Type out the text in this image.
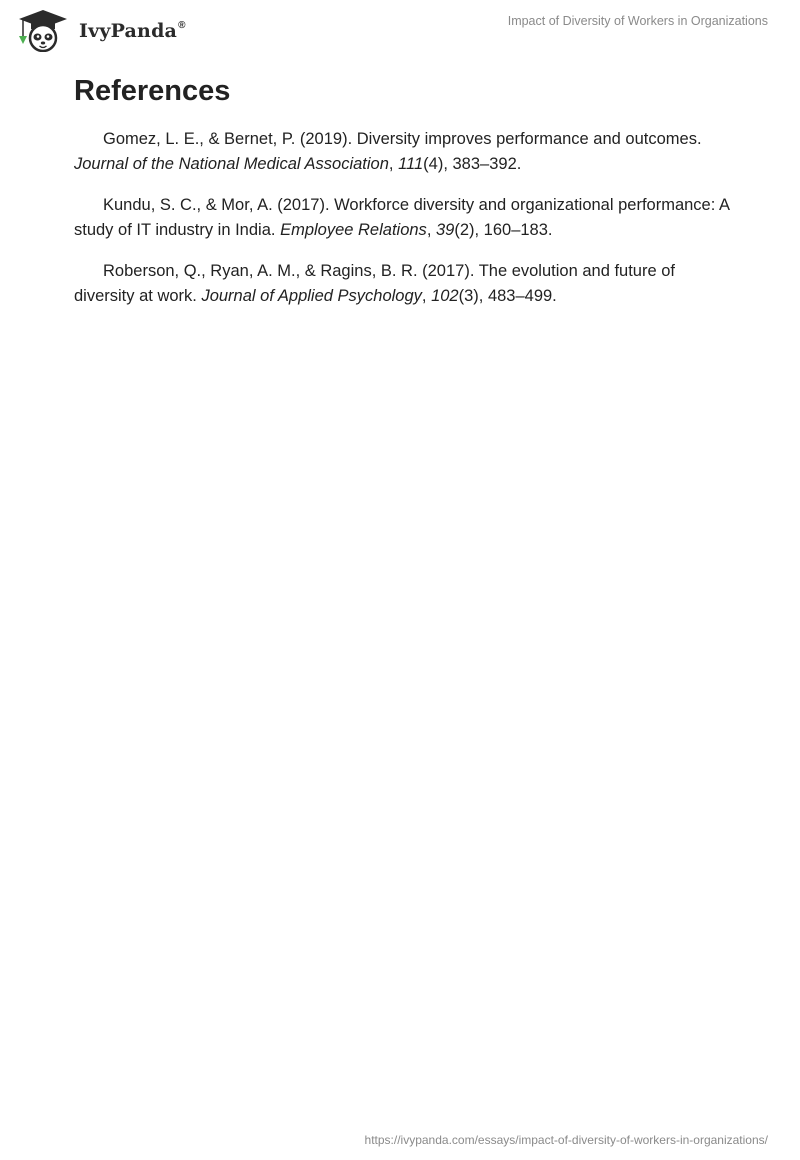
IvyPanda®	Impact of Diversity of Workers in Organizations
References

Gomez, L. E., & Bernet, P. (2019). Diversity improves performance and outcomes. Journal of the National Medical Association, 111(4), 383–392.

Kundu, S. C., & Mor, A. (2017). Workforce diversity and organizational performance: A study of IT industry in India. Employee Relations, 39(2), 160–183.

Roberson, Q., Ryan, A. M., & Ragins, B. R. (2017). The evolution and future of diversity at work. Journal of Applied Psychology, 102(3), 483–499.

https://ivypanda.com/essays/impact-of-diversity-of-workers-in-organizations/
